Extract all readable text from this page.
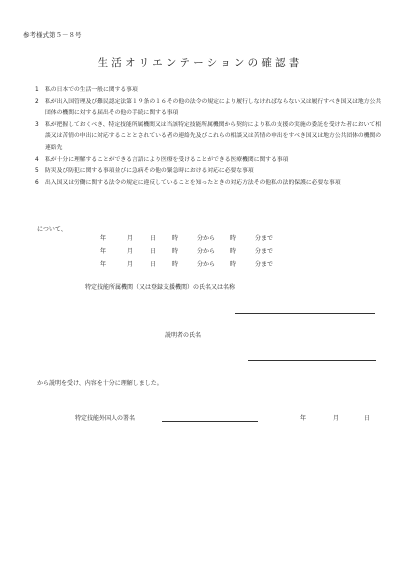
参考様式第５－８号
生活オリエンテーションの確認書
1	私の日本での生活一般に関する事項
2	私が出入国管理及び難民認定法第１９条の１６その他の法令の規定により履行しなければならない又は履行すべき国又は地方公共団体の機関に対する届出その他の手続に関する事項
3	私が把握しておくべき、特定技能所属機関又は当該特定技能所属機関から契約により私の支援の実施の委託を受けた者において相談又は苦情の申出に対応することとされている者の連絡先及びこれらの相談又は苦情の申出をすべき国又は地方公共団体の機関の連絡先
4	私が十分に理解することができる言語により医療を受けることができる医療機関に関する事項
5	防災及び防犯に関する事項並びに急病その他の緊急時における対応に必要な事項
6	出入国又は労働に関する法令の規定に違反していることを知ったときの対応方法その他私の法的保護に必要な事項
について、
年	月	日	時	分から 時	分まで
年	月	日	時	分から 時	分まで
年	月	日	時	分から 時	分まで
特定技能所属機関（又は登録支援機関）の氏名又は名称
説明者の氏名
から説明を受け、内容を十分に理解しました。
特定技能外国人の署名	年	月	日
